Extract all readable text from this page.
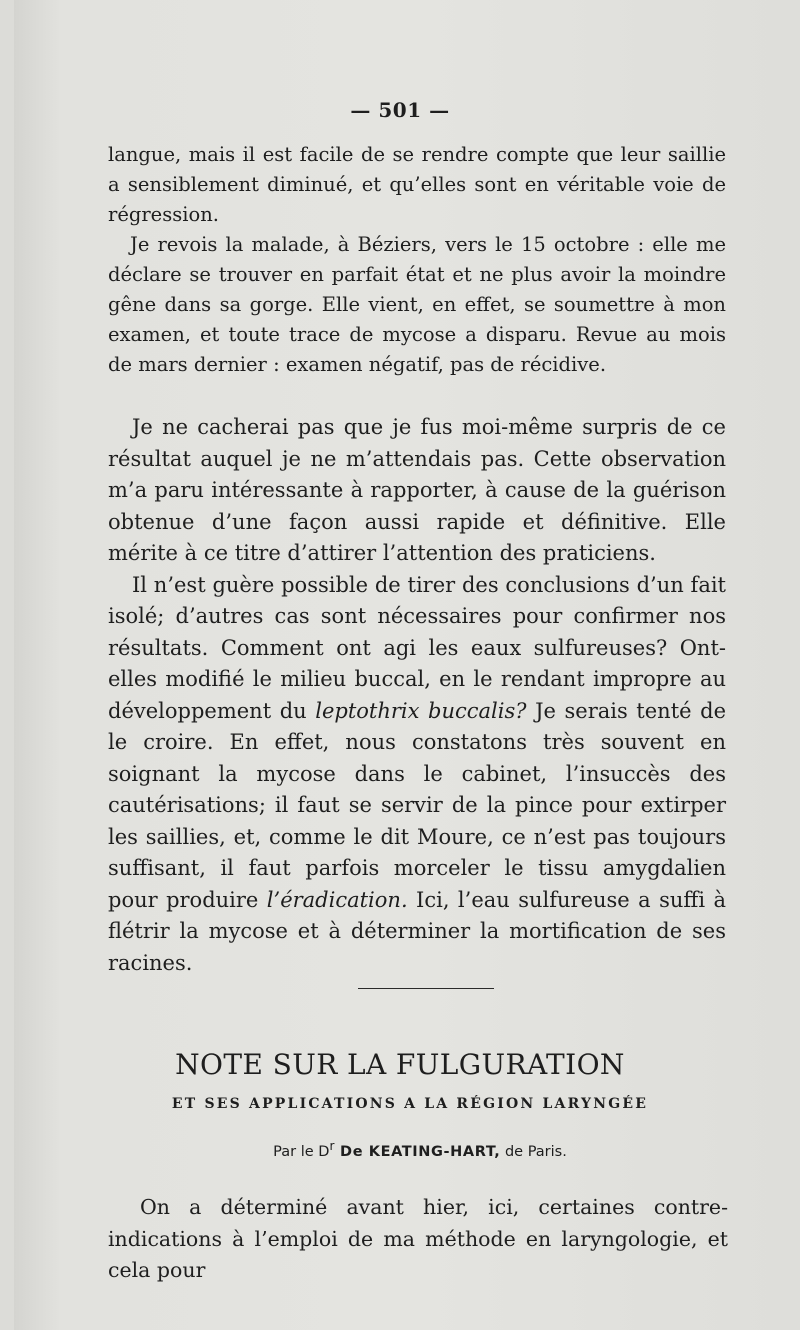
— 501 —

langue, mais il est facile de se rendre compte que leur saillie a sensiblement diminué, et qu’elles sont en véritable voie de régression.

Je revois la malade, à Béziers, vers le 15 octobre : elle me déclare se trouver en parfait état et ne plus avoir la moindre gêne dans sa gorge. Elle vient, en effet, se soumettre à mon examen, et toute trace de mycose a disparu. Revue au mois de mars dernier : examen négatif, pas de récidive.

Je ne cacherai pas que je fus moi-même surpris de ce résultat auquel je ne m’attendais pas. Cette observation m’a paru intéressante à rapporter, à cause de la guérison obtenue d’une façon aussi rapide et définitive. Elle mérite à ce titre d’attirer l’attention des praticiens.

Il n’est guère possible de tirer des conclusions d’un fait isolé; d’autres cas sont nécessaires pour confirmer nos résultats. Comment ont agi les eaux sulfureuses? Ont-elles modifié le milieu buccal, en le rendant impropre au développement du leptothrix buccalis? Je serais tenté de le croire. En effet, nous constatons très souvent en soignant la mycose dans le cabinet, l’insuccès des cautérisations; il faut se servir de la pince pour extirper les saillies, et, comme le dit Moure, ce n’est pas toujours suffisant, il faut parfois morceler le tissu amygdalien pour produire l’éradication. Ici, l’eau sulfureuse a suffi à flétrir la mycose et à déterminer la mortification de ses racines.

NOTE SUR LA FULGURATION
ET SES APPLICATIONS A LA RÉGION LARYNGÉE
Par le $D^r$ De KEATING-HART, de Paris.

On a déterminé avant hier, ici, certaines contre-indications à l’emploi de ma méthode en laryngologie, et cela pour
